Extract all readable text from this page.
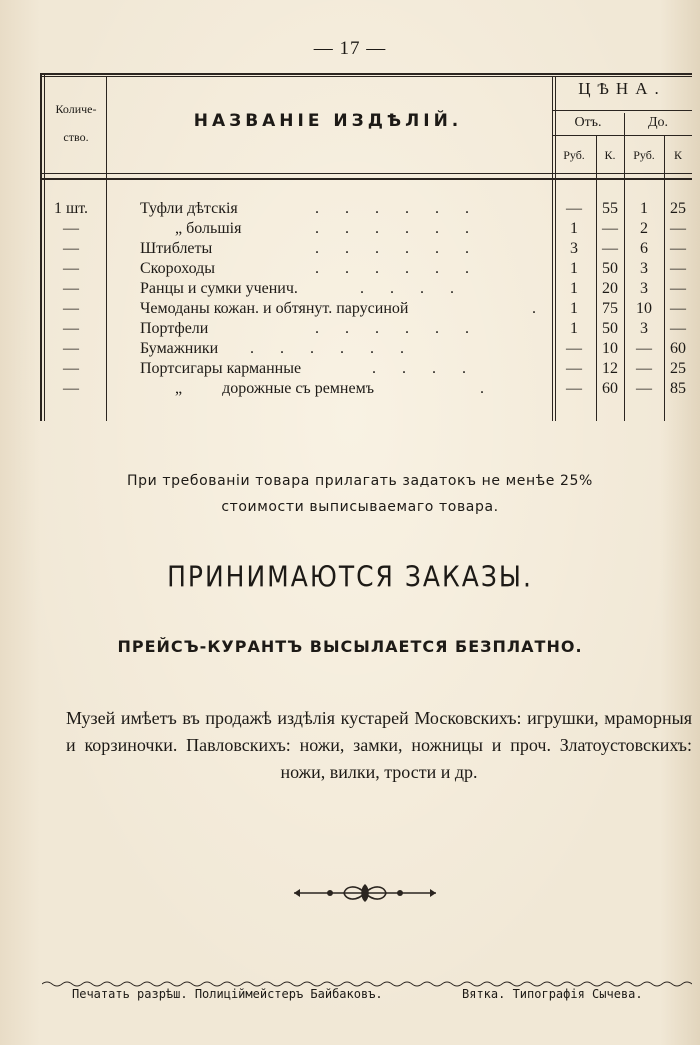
— 17 —
Количе-
ство.
НАЗВАНІЕ ИЗДѢЛІЙ.
ЦѢНА.
Отъ.	До.
Руб.	К.	Руб.	К
1 шт.	Туфли дѣтскія	.     .     .     .     .     .	—	55	1	25
—	„ большія	.     .     .     .     .     .	1	—	2	—
—	Штиблеты	.     .     .     .     .     .	3	—	6	—
—	Скороходы	.     .     .     .     .     .	1	50	3	—
—	Ранцы и сумки ученич.	.     .     .     .	1	20	3	—
—	Чемоданы кожан. и обтянут. парусиной	.	1	75	10	—
—	Портфели	.     .     .     .     .     .	1	50	3	—
—	Бумажники .     .     .     .     .     .	—	10	—	60
—	Портсигары карманные	.     .     .     .	—	12	—	25
—	„          дорожные съ ремнемъ	.	—	60	—	85
При требованіи товара прилагать задатокъ не менѣе 25%
стоимости выписываемаго товара.
ПРИНИМАЮТСЯ ЗАКАЗЫ.
ПРЕЙСЪ-КУРАНТЪ ВЫСЫЛАЕТСЯ БЕЗПЛАТНО.
Музей имѣетъ въ продажѣ издѣлія кустарей Московскихъ: игрушки, мраморныя и корзиночки. Павловскихъ: ножи, замки, ножницы и проч. Златоустовскихъ: ножи, вилки, трости и др.
Печатать разрѣш. Полицiймейстеръ Байбаковъ.	Вятка. Типографія Сычева.
